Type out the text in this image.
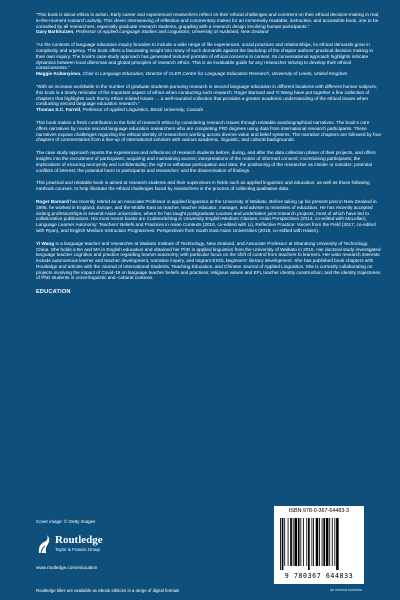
“This book is about ethics in action. Early career and experienced researchers reflect on their ethical challenges and comment on their ethical decision-making in real, in-the-moment research activity. This clever interweaving of reflection and commentary makes for an immensely readable, instructive, and accessible book, one to be consulted by all researchers, especially graduate research students, grappling with a research design involving human participants.”

Gary Barkhuizen, Professor of Applied Language Studies and Linguistics, University of Auckland, New Zealand

“As the contexts of language education inquiry broaden to include a wide range of life experiences, social practices and relationships, its ethical demands grow in complexity and urgency. This book offers a fascinating insight into many of such demands against the backdrop of the chapter authors’ practical decision making in their own inquiry. The book’s case-study approach has generated textured portraits of ethical concerns in context. Its conversational approach highlights intricate dynamics between local dilemmas and global principles of research ethics. This is an invaluable guide for any researcher striving to develop their ethical consciousness.”

Maggie Kubanyiova, Chair in Language Education, Director of CLER Centre for Language Education Research, University of Leeds, United Kingdom

“With an increase worldwide in the number of graduate students pursuing research in second language education in different locations with different human subjects, this book is a timely reminder of the important aspect of ethics when conducting such research. Roger Barnard and Yi Wang have put together a fine collection of chapters that highlights such thorny ethics related issues … a well-rounded collection that provides a greater academic understanding of the ethical issues when conducting second language education research.”

Thomas S.C. Farrell, Professor of Applied Linguistics, Brock University, Canada

This book makes a fresh contribution to the field of research ethics by considering research issues through relatable autobiographical narratives. The book’s core offers narratives by novice second language education researchers who are completing PhD degrees using data from international research participants. These narratives expose challenges regarding the ethical identity of researchers working across diverse value and belief systems. The narrative chapters are followed by four chapters of commentaries from a line-up of international scholars with various academic, linguistic, and cultural backgrounds.

The case study approach reports the experiences and reflections of research students before, during, and after the data collection phase of their projects, and offers insights into the recruitment of participants; acquiring and maintaining access; interpretations of the notion of informed consent; incentivising participants; the implications of ensuring anonymity and confidentiality; the right to withdraw participation and data; the positioning of the researcher as insider or outsider; potential conflicts of interest; the potential harm to participants and researcher; and the dissemination of findings.

This practical and relatable book is aimed at research students and their supervisors in fields such as applied linguistics and education, as well as those following methods courses, to help illustrate the ethical challenges faced by researchers in the process of collecting qualitative data.

Roger Barnard has recently retired as an Associate Professor in applied linguistics at the University of Waikato. Before taking up his present post in New Zealand in 1995, he worked in England, Europe, and the Middle East as teacher, teacher educator, manager, and adviser to ministries of education. He has recently accepted visiting professorships in several Asian universities, where he has taught postgraduate courses and undertaken joint research projects, most of which have led to collaborative publications. His most recent books are Codeswitching in University English-Medium Classes: Asian Perspectives (2014, co-edited with McLellan), Language Learner Autonomy: Teachers’ Beliefs and Practices in Asian Contexts (2016, co-edited with Li), Reflective Practice: Voices from the Field (2017, co-edited with Ryan), and English Medium Instruction Programmes: Perspectives from South East Asian Universities (2018, co-edited with Hasim).

Yi Wang is a language teacher and researcher at Waikato Institute of Technology, New Zealand, and Associate Professor at Shandong University of Technology, China. She holds a BA and MA in English education and obtained her PhD in applied linguistics from the University of Waikato in 2016. Her doctoral study investigated language teacher cognition and practice regarding learner autonomy, with particular focus on the shift of control from teachers to learners. Her wide research interests include autonomous learner and teacher development, narrative inquiry, and migrant ESOL beginners’ literacy development. She has published book chapters with Routledge and articles with the Journal of International Students, Teaching Education, and Chinese Journal of Applied Linguistics. She is currently collaborating on projects involving the impact of Covid-19 on language teacher beliefs and practices; religious values and EFL teacher identity construction; and the identity trajectories of PhD students in cross-linguistic and -cultural contexts.

EDUCATION
Cover image: © Getty Images
Routledge
Taylor & Francis Group
www.routledge.com/education
Routledge titles are available as eBook editions in a range of digital formats
ISBN 978-0-367-64483-3
9 780367 644833
an informa business
